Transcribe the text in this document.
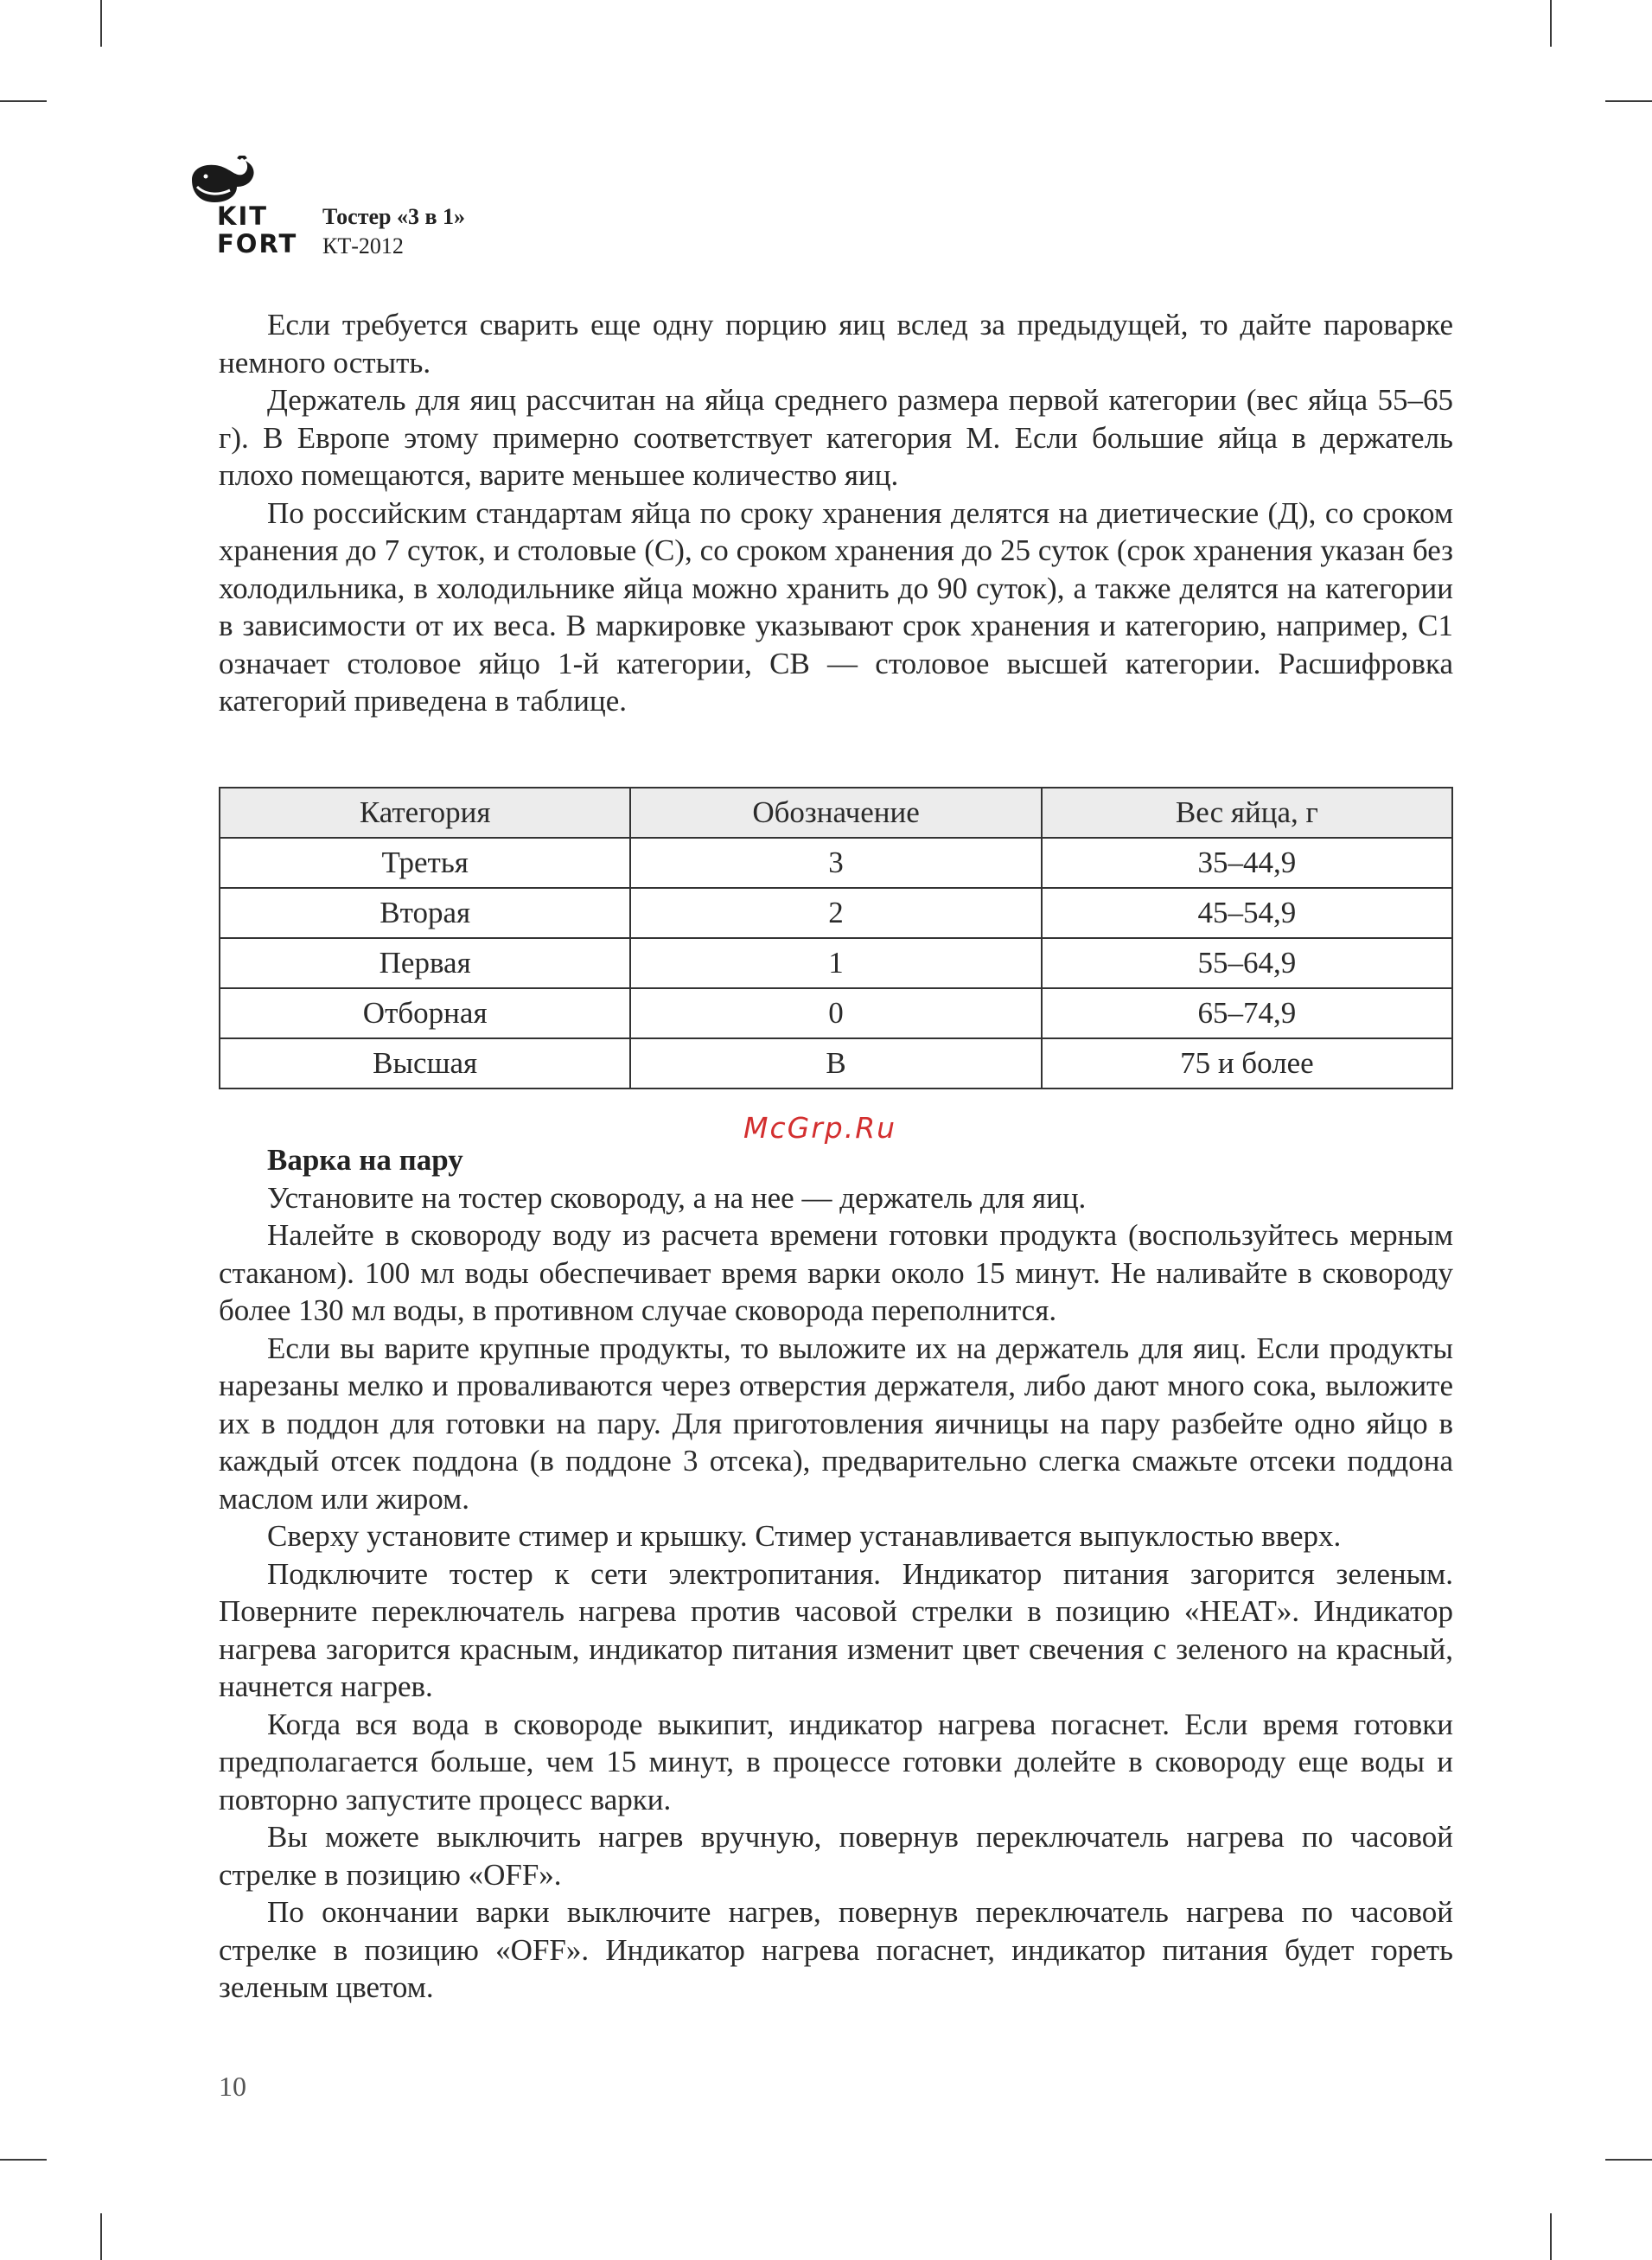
KIT
FORT
Тостер «3 в 1»
КТ-2012

Если требуется сварить еще одну порцию яиц вслед за предыдущей, то дайте пароварке немного остыть.

Держатель для яиц рассчитан на яйца среднего размера первой категории (вес яйца 55–65 г). В Европе этому примерно соответствует категория M. Если большие яйца в держатель плохо помещаются, варите меньшее количество яиц.

По российским стандартам яйца по сроку хранения делятся на диетические (Д), со сроком хранения до 7 суток, и столовые (С), со сроком хранения до 25 суток (срок хранения указан без холодильника, в холодильнике яйца можно хранить до 90 суток), а также делятся на категории в зависимости от их веса. В маркировке указывают срок хранения и категорию, например, С1 означает столовое яйцо 1-й категории, СВ — столовое высшей категории. Расшифровка категорий приведена в таблице.

Категория	Обозначение	Вес яйца, г
Третья	3	35–44,9
Вторая	2	45–54,9
Первая	1	55–64,9
Отборная	0	65–74,9
Высшая	В	75 и более
McGrp.Ru
Варка на пару

Установите на тостер сковороду, а на нее — держатель для яиц.

Налейте в сковороду воду из расчета времени готовки продукта (воспользуйтесь мерным стаканом). 100 мл воды обеспечивает время варки около 15 минут. Не наливайте в сковороду более 130 мл воды, в противном случае сковорода переполнится.

Если вы варите крупные продукты, то выложите их на держатель для яиц. Если продукты нарезаны мелко и проваливаются через отверстия держателя, либо дают много сока, выложите их в поддон для готовки на пару. Для приготовления яичницы на пару разбейте одно яйцо в каждый отсек поддона (в поддоне 3 отсека), предварительно слегка смажьте отсеки поддона маслом или жиром.

Сверху установите стимер и крышку. Стимер устанавливается выпуклостью вверх.

Подключите тостер к сети электропитания. Индикатор питания загорится зеленым. Поверните переключатель нагрева против часовой стрелки в позицию «HEAT». Индикатор нагрева загорится красным, индикатор питания изменит цвет свечения с зеленого на красный, начнется нагрев.

Когда вся вода в сковороде выкипит, индикатор нагрева погаснет. Если время готовки предполагается больше, чем 15 минут, в процессе готовки долейте в сковороду еще воды и повторно запустите процесс варки.

Вы можете выключить нагрев вручную, повернув переключатель нагрева по часовой стрелке в позицию «OFF».

По окончании варки выключите нагрев, повернув переключатель нагрева по часовой стрелке в позицию «OFF». Индикатор нагрева погаснет, индикатор питания будет гореть зеленым цветом.

10
